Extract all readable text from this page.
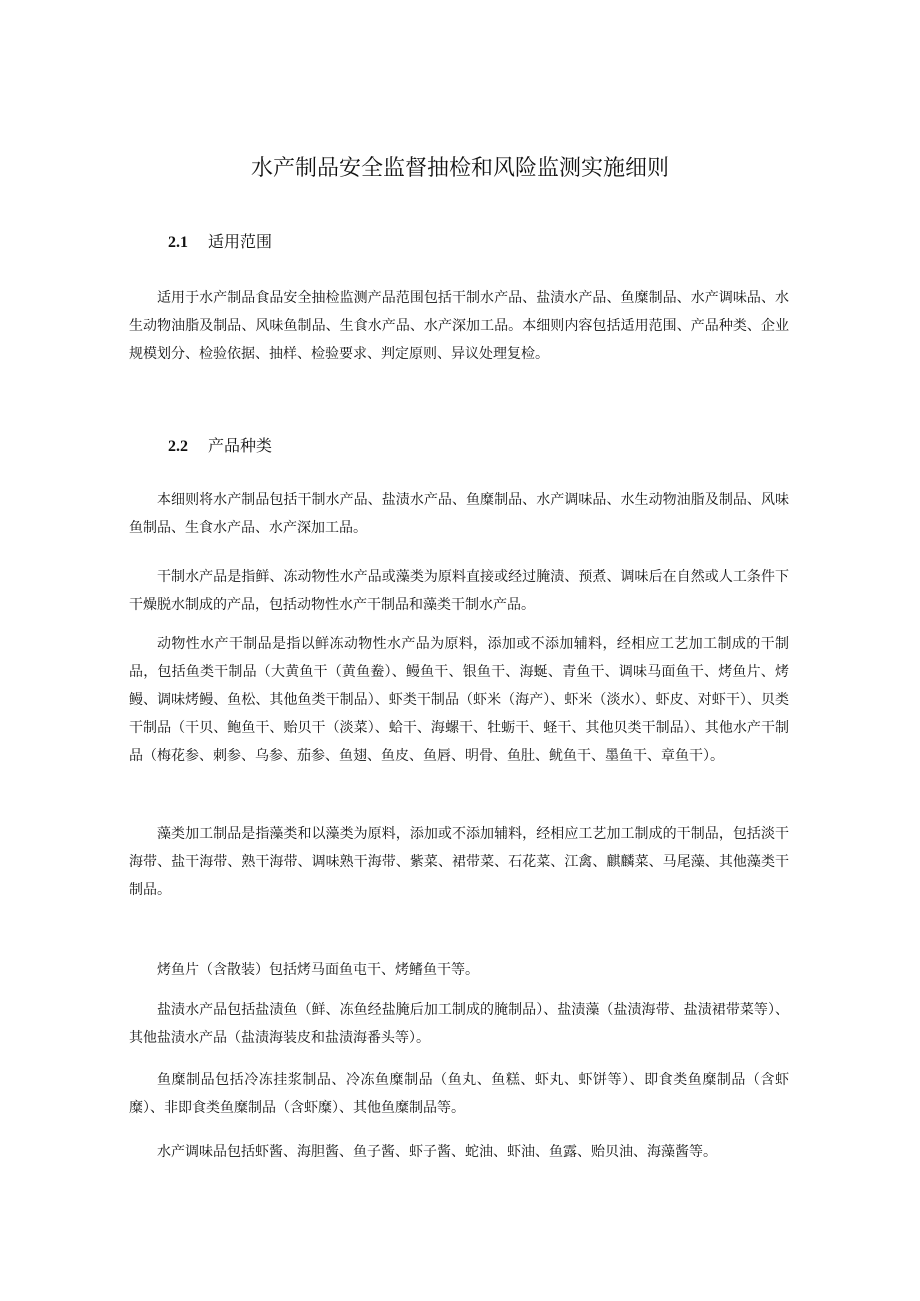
水产制品安全监督抽检和风险监测实施细则
2.1 适用范围

适用于水产制品食品安全抽检监测产品范围包括干制水产品、盐渍水产品、鱼糜制品、水产调味品、水生动物油脂及制品、风味鱼制品、生食水产品、水产深加工品。本细则内容包括适用范围、产品种类、企业规模划分、检验依据、抽样、检验要求、判定原则、异议处理复检。

2.2 产品种类

本细则将水产制品包括干制水产品、盐渍水产品、鱼糜制品、水产调味品、水生动物油脂及制品、风味鱼制品、生食水产品、水产深加工品。

干制水产品是指鲜、冻动物性水产品或藻类为原料直接或经过腌渍、预煮、调味后在自然或人工条件下干燥脱水制成的产品，包括动物性水产干制品和藻类干制水产品。

动物性水产干制品是指以鲜冻动物性水产品为原料，添加或不添加辅料，经相应工艺加工制成的干制品，包括鱼类干制品（大黄鱼干（黄鱼鲞）、鳗鱼干、银鱼干、海蜒、青鱼干、调味马面鱼干、烤鱼片、烤鳗、调味烤鳗、鱼松、其他鱼类干制品）、虾类干制品（虾米（海产）、虾米（淡水）、虾皮、对虾干）、贝类干制品（干贝、鲍鱼干、贻贝干（淡菜）、蛤干、海螺干、牡蛎干、蛏干、其他贝类干制品）、其他水产干制品（梅花参、刺参、乌参、茄参、鱼翅、鱼皮、鱼唇、明骨、鱼肚、鱿鱼干、墨鱼干、章鱼干）。

藻类加工制品是指藻类和以藻类为原料，添加或不添加辅料，经相应工艺加工制成的干制品，包括淡干海带、盐干海带、熟干海带、调味熟干海带、紫菜、裙带菜、石花菜、江禽、麒麟菜、马尾藻、其他藻类干制品。

烤鱼片（含散装）包括烤马面鱼屯干、烤鳍鱼干等。

盐渍水产品包括盐渍鱼（鲜、冻鱼经盐腌后加工制成的腌制品）、盐渍藻（盐渍海带、盐渍裙带菜等）、其他盐渍水产品（盐渍海装皮和盐渍海番头等）。

鱼糜制品包括冷冻挂浆制品、冷冻鱼糜制品（鱼丸、鱼糕、虾丸、虾饼等）、即食类鱼糜制品（含虾糜）、非即食类鱼糜制品（含虾糜）、其他鱼糜制品等。

水产调味品包括虾酱、海胆酱、鱼子酱、虾子酱、蛇油、虾油、鱼露、贻贝油、海藻酱等。
